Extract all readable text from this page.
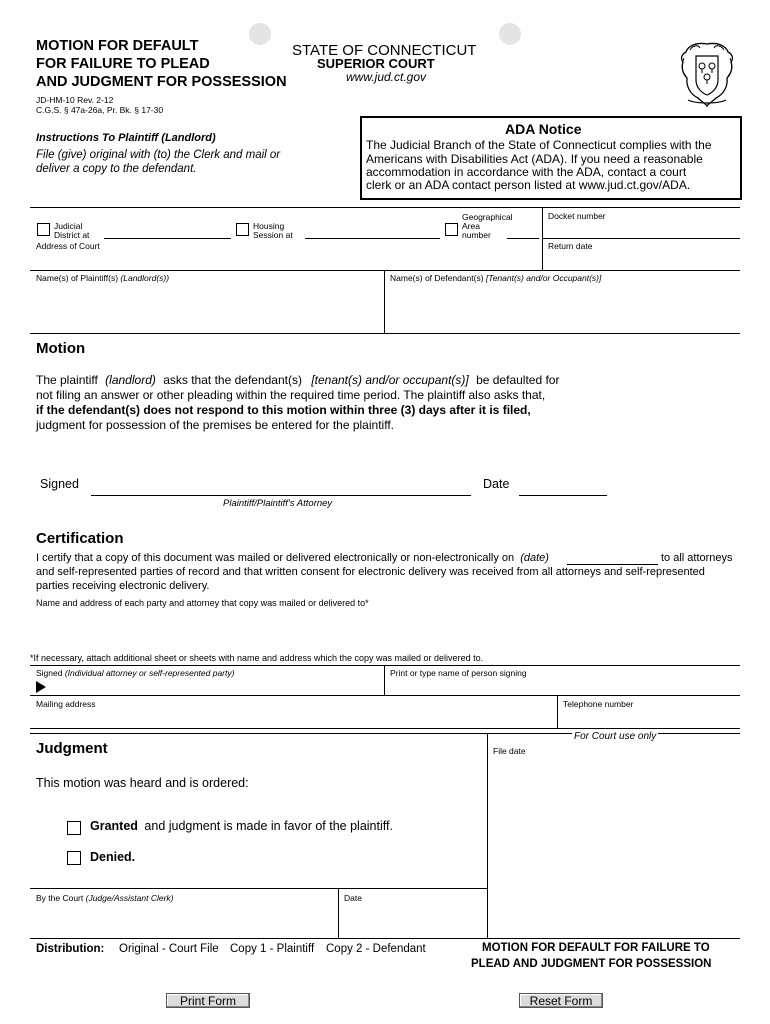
MOTION FOR DEFAULT
FOR FAILURE TO PLEAD
AND JUDGMENT FOR POSSESSION
JD-HM-10 Rev. 2-12
C.G.S. § 47a-26a, Pr. Bk. § 17-30
STATE OF CONNECTICUT
SUPERIOR COURT
www.jud.ct.gov
Instructions To Plaintiff (Landlord)
File (give) original with (to) the Clerk and mail or
deliver a copy to the defendant.
ADA Notice
The Judicial Branch of the State of Connecticut complies with the
Americans with Disabilities Act (ADA). If you need a reasonable
accommodation in accordance with the ADA, contact a court
clerk or an ADA contact person listed at www.jud.ct.gov/ADA.
Judicial
District at
Housing
Session at
Geographical
Area
number
Address of Court
Docket number
Return date
Name(s) of Plaintiff(s) (Landlord(s))	Name(s) of Defendant(s) [Tenant(s) and/or Occupant(s)]
Motion
The plaintiff (landlord) asks that the defendant(s) [tenant(s) and/or occupant(s)] be defaulted for
not filing an answer or other pleading within the required time period. The plaintiff also asks that,
if the defendant(s) does not respond to this motion within three (3) days after it is filed,
judgment for possession of the premises be entered for the plaintiff.
Signed
Plaintiff/Plaintiff's Attorney
Date
Certification
I certify that a copy of this document was mailed or delivered electronically or non-electronically on (date)	to all attorneys
and self-represented parties of record and that written consent for electronic delivery was received from all attorneys and self-represented
parties receiving electronic delivery.
Name and address of each party and attorney that copy was mailed or delivered to*
*If necessary, attach additional sheet or sheets with name and address which the copy was mailed or delivered to.
Signed (Individual attorney or self-represented party)	Print or type name of person signing
Mailing address	Telephone number
For Court use only
File date
Judgment
This motion was heard and is ordered:
Granted and judgment is made in favor of the plaintiff.
Denied.
By the Court (Judge/Assistant Clerk)	Date
Distribution: Original - Court File Copy 1 - Plaintiff Copy 2 - Defendant	MOTION FOR DEFAULT FOR FAILURE TO
PLEAD AND JUDGMENT FOR POSSESSION
Print Form	Reset Form
